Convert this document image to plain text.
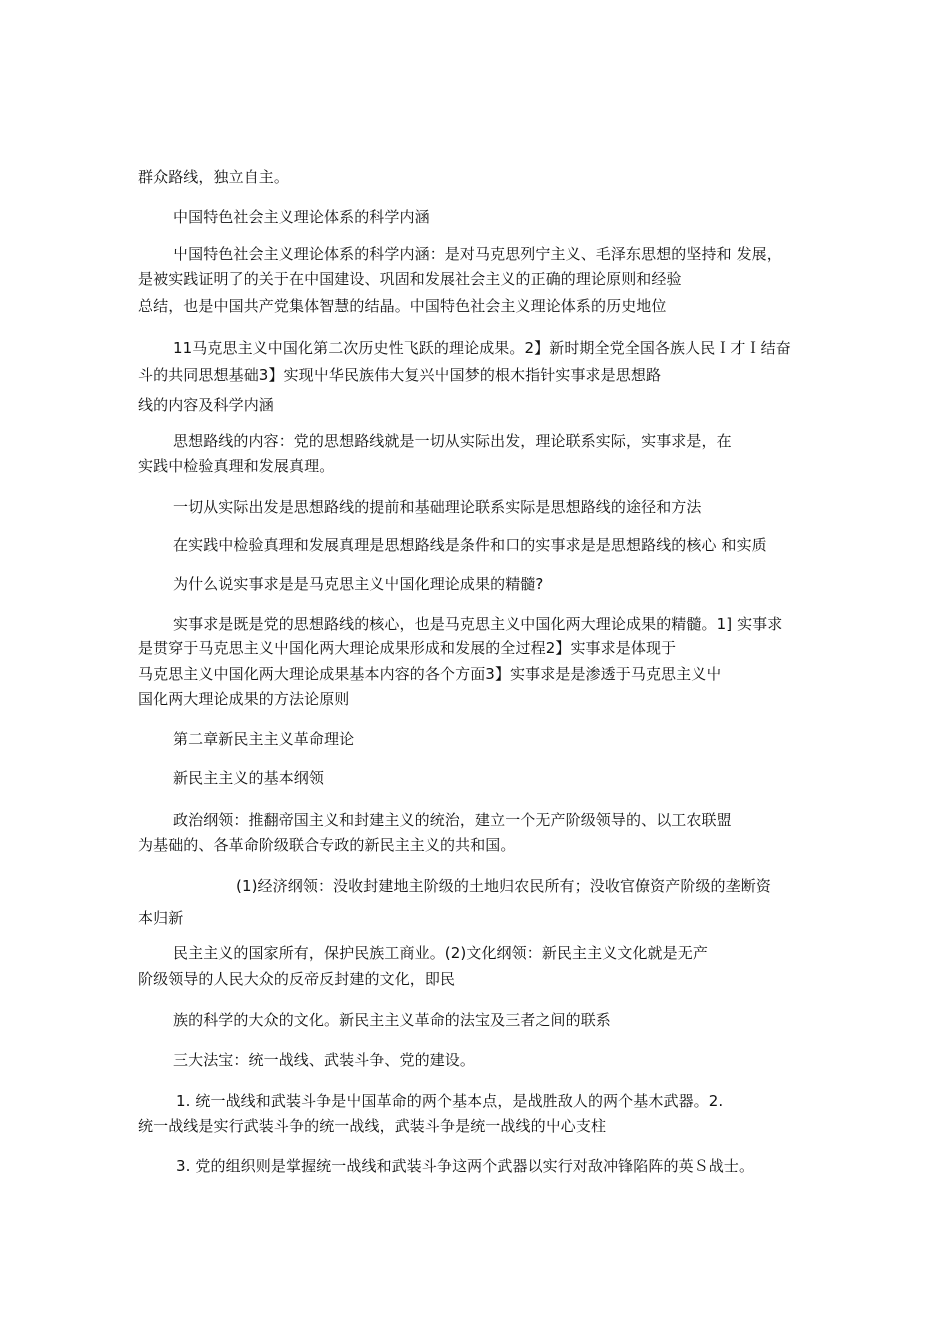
群众路线，独立自主。
中国特色社会主义理论体系的科学内涵
屮国特色社会主义理论体系的科学内涵：是对马克思列宁主义、毛泽东思想的坚持和 发展，
是被实践证明了的关于在中国建设、巩固和发展社会主义的正确的理论原则和经验
总结，也是中国共产党集体智慧的结晶。中国特色社会主义理论体系的历史地位
11马克思主义中国化第二次历史性飞跃的理论成果。2】新时期全党全国各族人民Ｉ才Ｉ结奋
斗的共同思想基础3】实现屮华民族伟大复兴屮国梦的根木指针实事求是思想路
线的内容及科学内涵
思想路线的内容：党的思想路线就是一切从实际出发，理论联系实际，实事求是，在
实践中检验真理和发展真理。
一切从实际出发是思想路线的提前和基础理论联系实际是思想路线的途径和方法
在实践中检验真理和发展真理是思想路线是条件和口的实事求是是思想路线的核心 和实质
为什么说实事求是是马克思主义屮国化理论成果的精髓?
实事求是既是党的思想路线的核心，也是马克思主义中国化两大理论成果的精髓。1] 实事求
是贯穿于马克思主义屮国化两大理论成果形成和发展的全过程2】实事求是体现于
马克思主义中国化两大理论成果基本内容的各个方面3】实事求是是渗透于马克思主义屮
国化两大理论成果的方法论原则
第二章新民主主义革命理论
新民主主义的基本纲领
政治纲领：推翻帝国主义和封建主义的统治，建立一个无产阶级领导的、以工农联盟
为基础的、各革命阶级联合专政的新民主主义的共和国。
(1)经济纲领：没收封建地主阶级的土地归农民所有；没收官僚资产阶级的垄断资
本归新
民主主义的国家所有，保护民族工商业。(2)文化纲领：新民主主义文化就是无产
阶级领导的人民大众的反帝反封建的文化，即民
族的科学的大众的文化。新民主主义革命的法宝及三者之间的联系
三大法宝：统一战线、武装斗争、党的建设。
1. 统一战线和武装斗争是屮国革命的两个基本点，是战胜敌人的两个基木武器。2.
统一战线是实行武装斗争的统一战线，武装斗争是统一战线的屮心支柱
3. 党的组织则是掌握统一战线和武装斗争这两个武器以实行对敌冲锋陷阵的英Ｓ战士。
